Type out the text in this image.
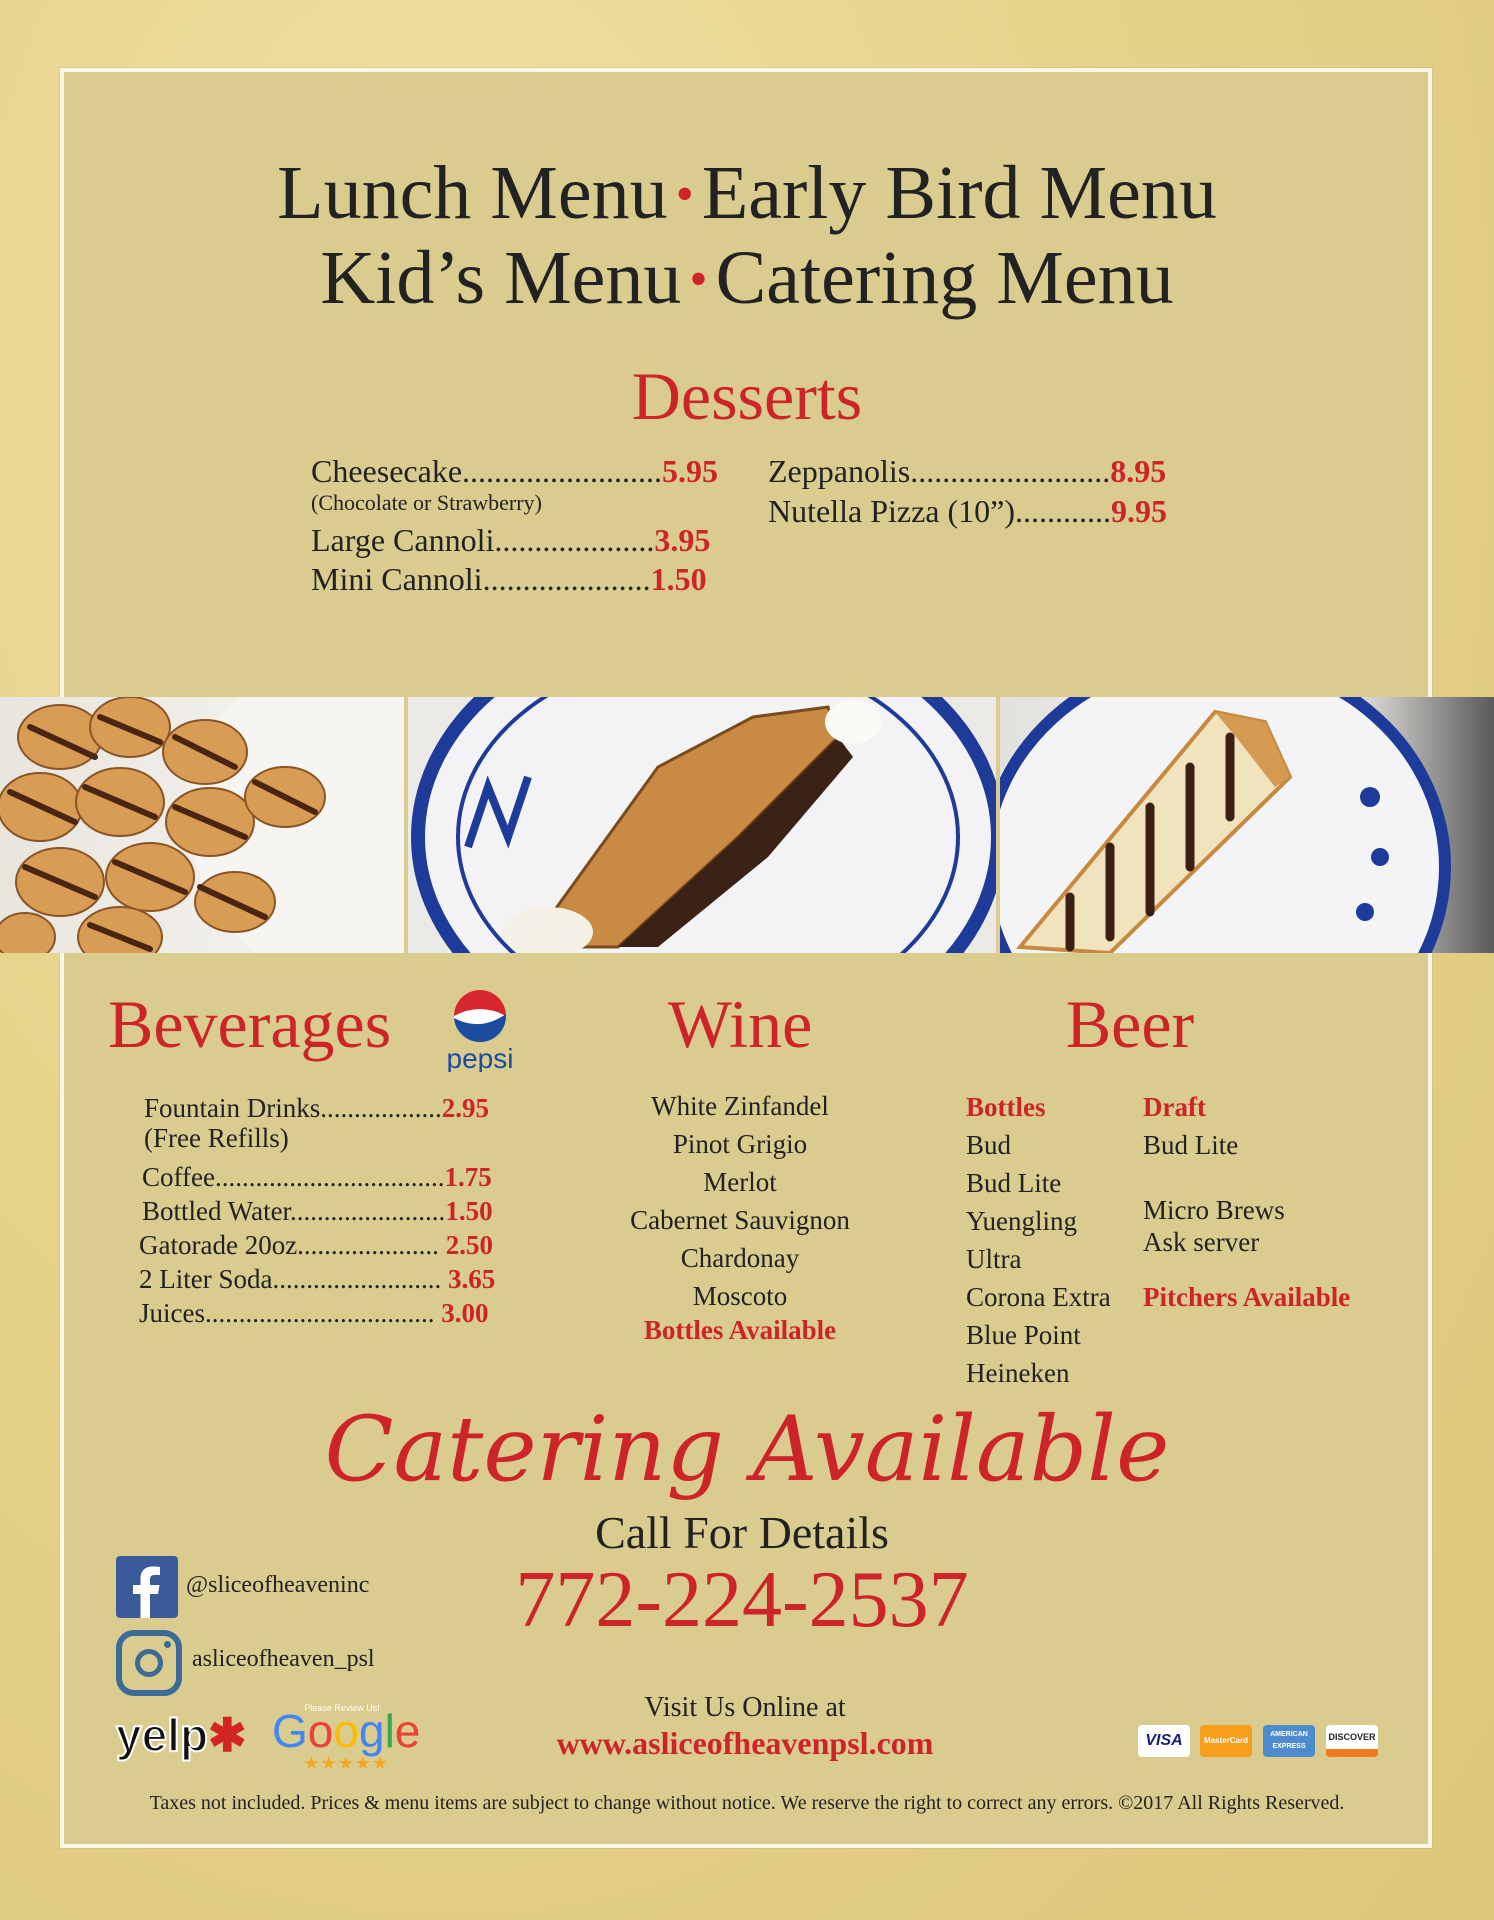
Lunch Menu • Early Bird Menu
Kid’s Menu • Catering Menu
Desserts
Cheesecake.........................5.95
(Chocolate or Strawberry)
Large Cannoli....................3.95
Mini Cannoli.....................1.50
Zeppanolis.........................8.95
Nutella Pizza (10”)............9.95
Beverages pepsi
Fountain Drinks..................2.95
(Free Refills)
Coffee..................................1.75
Bottled Water.......................1.50
Gatorade 20oz..................... 2.50
2 Liter Soda......................... 3.65
Juices.................................. 3.00
Wine
White Zinfandel
Pinot Grigio
Merlot
Cabernet Sauvignon
Chardonay
Moscoto
Bottles Available
Beer
Bottles
Bud
Bud Lite
Yuengling
Ultra
Corona Extra
Blue Point
Heineken
Draft
Bud Lite
Micro Brews
Ask server
Pitchers Available
Catering Available
Call For Details
772-224-2537
@sliceofheaveninc
asliceofheaven_psl
yelp✱ Google
Please Review Us!
★★★★★
Visit Us Online at
www.asliceofheavenpsl.com	VISA	MasterCard
AMERICAN EXPRESS
DISCOVER
Taxes not included. Prices & menu items are subject to change without notice. We reserve the right to correct any errors. ©2017 All Rights Reserved.
